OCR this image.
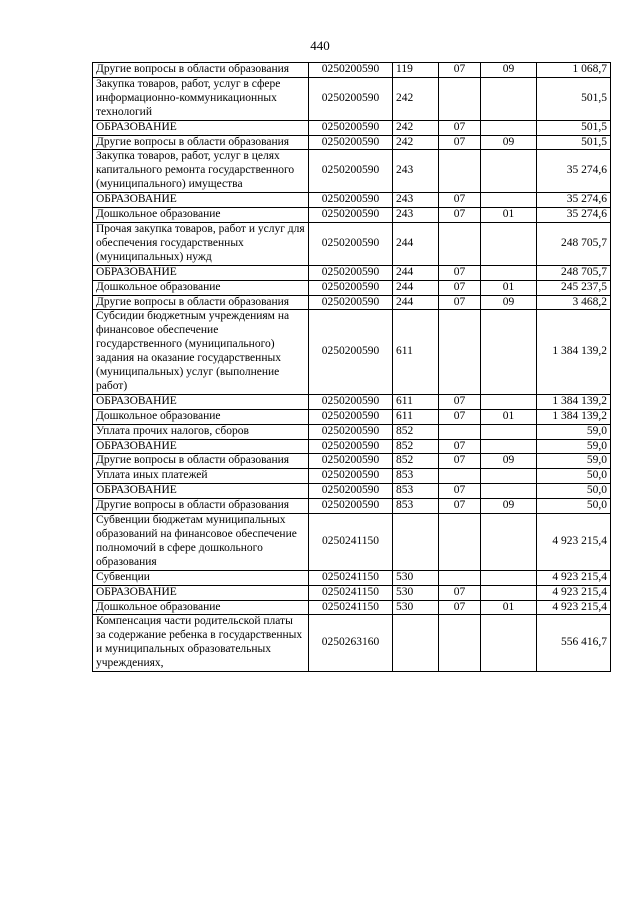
440
Другие вопросы в области образования	0250200590	119	07	09	1 068,7
Закупка товаров, работ, услуг в сфере информационно-коммуникационных технологий	0250200590	242			501,5
ОБРАЗОВАНИЕ	0250200590	242	07		501,5
Другие вопросы в области образования	0250200590	242	07	09	501,5
Закупка товаров, работ, услуг в целях капитального ремонта государственного (муниципального) имущества	0250200590	243			35 274,6
ОБРАЗОВАНИЕ	0250200590	243	07		35 274,6
Дошкольное образование	0250200590	243	07	01	35 274,6
Прочая закупка товаров, работ и услуг для обеспечения государственных (муниципальных) нужд	0250200590	244			248 705,7
ОБРАЗОВАНИЕ	0250200590	244	07		248 705,7
Дошкольное образование	0250200590	244	07	01	245 237,5
Другие вопросы в области образования	0250200590	244	07	09	3 468,2
Субсидии бюджетным учреждениям на финансовое обеспечение государственного (муниципального) задания на оказание государственных (муниципальных) услуг (выполнение работ)	0250200590	611			1 384 139,2
ОБРАЗОВАНИЕ	0250200590	611	07		1 384 139,2
Дошкольное образование	0250200590	611	07	01	1 384 139,2
Уплата прочих налогов, сборов	0250200590	852			59,0
ОБРАЗОВАНИЕ	0250200590	852	07		59,0
Другие вопросы в области образования	0250200590	852	07	09	59,0
Уплата иных платежей	0250200590	853			50,0
ОБРАЗОВАНИЕ	0250200590	853	07		50,0
Другие вопросы в области образования	0250200590	853	07	09	50,0
Субвенции бюджетам муниципальных образований на финансовое обеспечение полномочий в сфере дошкольного образования	0250241150				4 923 215,4
Субвенции	0250241150	530			4 923 215,4
ОБРАЗОВАНИЕ	0250241150	530	07		4 923 215,4
Дошкольное образование	0250241150	530	07	01	4 923 215,4
Компенсация части родительской платы за содержание ребенка в государственных и муниципальных образовательных учреждениях,	0250263160				556 416,7
